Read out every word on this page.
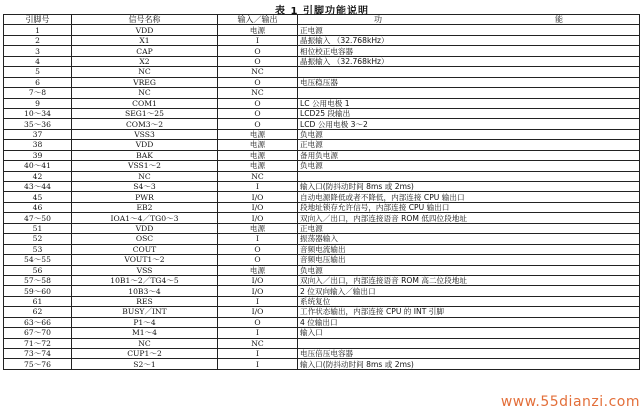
表 1 引脚功能说明
引脚号	信号名称	输入／输出	功                                                                    能
1	VDD	电源	正电源
2	X1	I	晶振输入 （32.768kHz）
3	CAP	O	相位校正电容器
4	X2	O	晶振输入 （32.768kHz）
5	NC	NC	
6	VREG	O	电压稳压器
7～8	NC	NC	
9	COM1	O	LC 公用电极 1
10～34	SEG1～25	O	LCD25 段输出
35～36	COM3～2	O	LCD 公用电极 3～2
37	VSS3	电源	负电源
38	VDD	电源	正电源
39	BAK	电源	备用负电源
40～41	VSS1～2	电源	负电源
42	NC	NC	
43～44	S4～3	I	输入口(防抖动时间 8ms 或 2ms)
45	PWR	I/O	自动电源降低或者不降低，内部连接 CPU 输出口
46	EB2	I/O	段地址锁存允许信号，内部连接 CPU 输出口
47～50	IOA1～4／TG0～3	I/O	双向入／出口，内部连接语音 ROM 低四位段地址
51	VDD	电源	正电源
52	OSC	I	振荡器输入
53	COUT	O	音频电流输出
54～55	VOUT1～2	O	音频电压输出
56	VSS	电源	负电源
57～58	10B1～2／TG4～5	I/O	双向入／出口，内部连接语音 ROM 高二位段地址
59～60	10B3～4	I/O	2 位双向输入／输出口
61	RES	I	系统复位
62	BUSY／INT	I/O	工作状态输出，内部连接 CPU 的 INT 引脚
63～66	P1～4	O	4 位输出口
67～70	M1～4	I	输入口
71～72	NC	NC	
73～74	CUP1～2	I	电压倍压电容器
75～76	S2～1	I	输入口(防抖动时间 8ms 或 2ms)
www.55dianzi.com
